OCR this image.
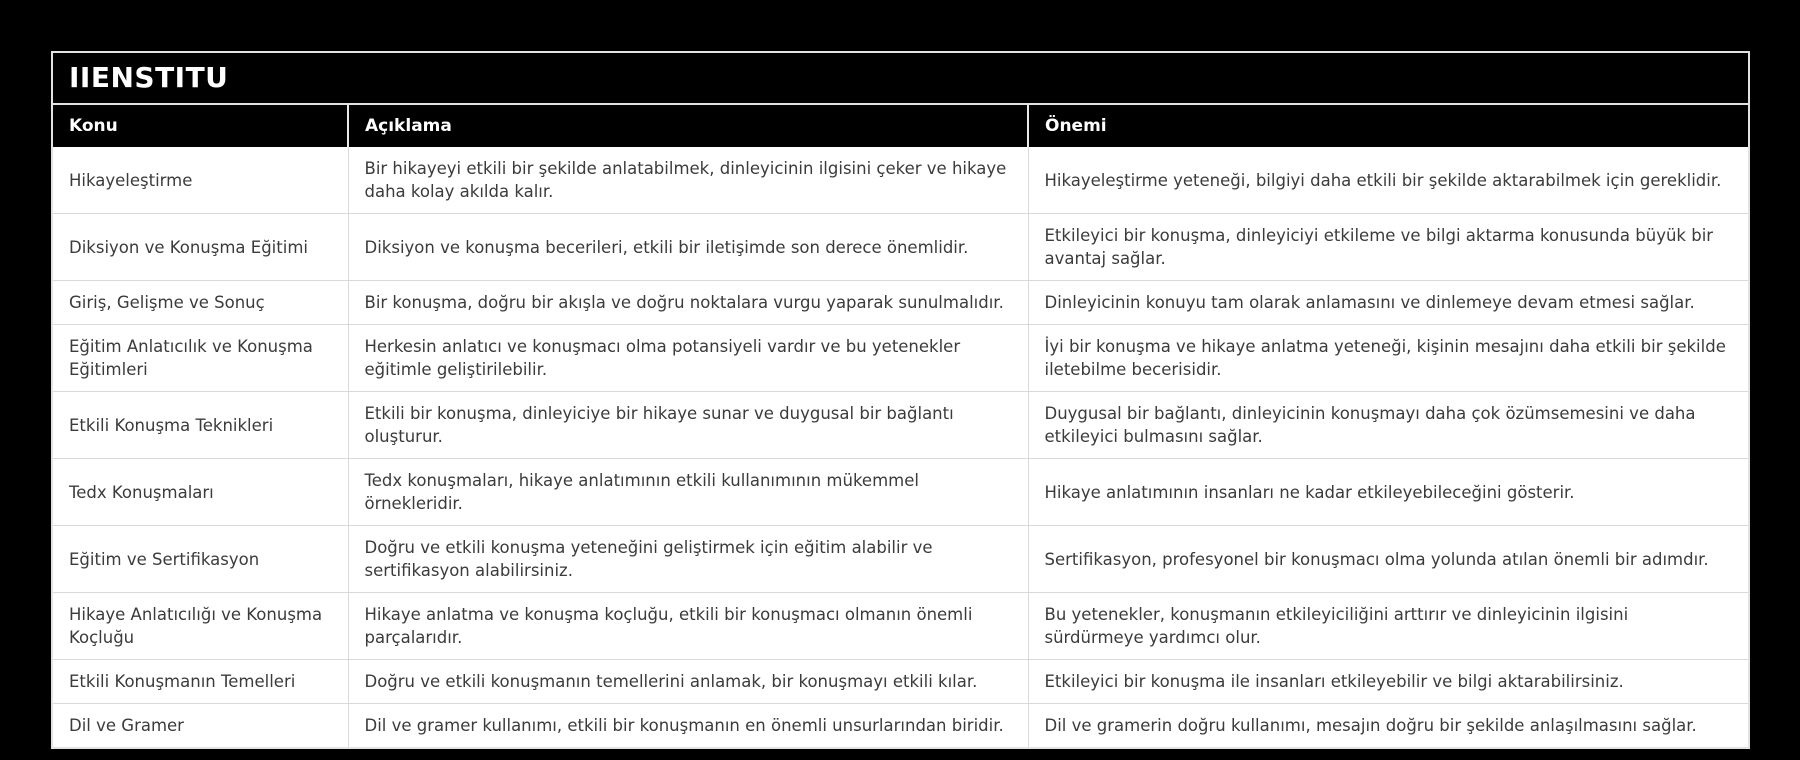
IIENSTITU
Konu	Açıklama	Önemi
Hikayeleştirme	Bir hikayeyi etkili bir şekilde anlatabilmek, dinleyicinin ilgisini çeker ve hikaye daha kolay akılda kalır.	Hikayeleştirme yeteneği, bilgiyi daha etkili bir şekilde aktarabilmek için gereklidir.
Diksiyon ve Konuşma Eğitimi	Diksiyon ve konuşma becerileri, etkili bir iletişimde son derece önemlidir.	Etkileyici bir konuşma, dinleyiciyi etkileme ve bilgi aktarma konusunda büyük bir avantaj sağlar.
Giriş, Gelişme ve Sonuç	Bir konuşma, doğru bir akışla ve doğru noktalara vurgu yaparak sunulmalıdır.	Dinleyicinin konuyu tam olarak anlamasını ve dinlemeye devam etmesi sağlar.
Eğitim Anlatıcılık ve Konuşma Eğitimleri	Herkesin anlatıcı ve konuşmacı olma potansiyeli vardır ve bu yetenekler eğitimle geliştirilebilir.	İyi bir konuşma ve hikaye anlatma yeteneği, kişinin mesajını daha etkili bir şekilde iletebilme becerisidir.
Etkili Konuşma Teknikleri	Etkili bir konuşma, dinleyiciye bir hikaye sunar ve duygusal bir bağlantı oluşturur.	Duygusal bir bağlantı, dinleyicinin konuşmayı daha çok özümsemesini ve daha etkileyici bulmasını sağlar.
Tedx Konuşmaları	Tedx konuşmaları, hikaye anlatımının etkili kullanımının mükemmel örnekleridir.	Hikaye anlatımının insanları ne kadar etkileyebileceğini gösterir.
Eğitim ve Sertifikasyon	Doğru ve etkili konuşma yeteneğini geliştirmek için eğitim alabilir ve sertifikasyon alabilirsiniz.	Sertifikasyon, profesyonel bir konuşmacı olma yolunda atılan önemli bir adımdır.
Hikaye Anlatıcılığı ve Konuşma Koçluğu	Hikaye anlatma ve konuşma koçluğu, etkili bir konuşmacı olmanın önemli parçalarıdır.	Bu yetenekler, konuşmanın etkileyiciliğini arttırır ve dinleyicinin ilgisini sürdürmeye yardımcı olur.
Etkili Konuşmanın Temelleri	Doğru ve etkili konuşmanın temellerini anlamak, bir konuşmayı etkili kılar.	Etkileyici bir konuşma ile insanları etkileyebilir ve bilgi aktarabilirsiniz.
Dil ve Gramer	Dil ve gramer kullanımı, etkili bir konuşmanın en önemli unsurlarından biridir.	Dil ve gramerin doğru kullanımı, mesajın doğru bir şekilde anlaşılmasını sağlar.
